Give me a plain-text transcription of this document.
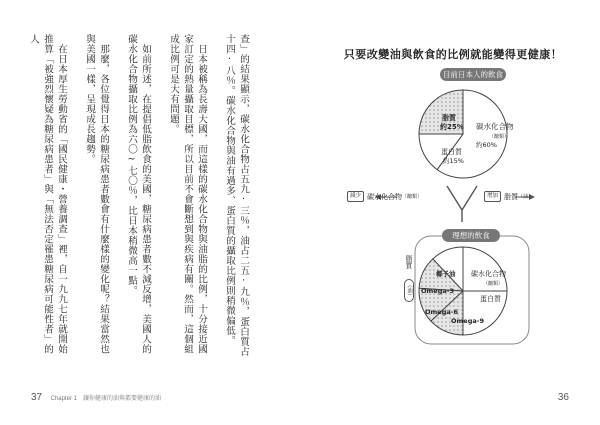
查」的結果顯示，碳水化合物占五九‧三％，油占二五‧九％，蛋白質占十四‧八％。碳水化合物與油有過多、蛋白質的攝取比例則稍微偏低。

日本被稱為長壽大國，而這樣的碳水化合物與油脂的比例，十分接近國家訂定的熱量攝取目標，所以目前不會斷想到與疾病有關。然而，這個組成比例可是大有問題。

如前所述，在提倡低脂飲食的美國，糖尿病患者數不減反增，美國人的碳水化合物攝取比例為六〇~七〇％，比日本稍微高一點。

那麼，各位覺得日本的糖尿病患者數會有什麼樣的變化呢？結果當然也與美國一樣，呈現成長趨勢。

在日本厚生勞動省的「國民健康・營養調查」裡，自一九九七年就開始推算「被強烈懷疑為糖尿病患者」與「無法否定罹患糖尿病可能性者」的人

37 Chapter 1　讓你健康的油與都要健康的油
只要改變油與飲食的比例就能變得更健康！
目前日本人的飲食
脂質
約25% 碳水化合物
（醣類）
約60%
蛋白質
約15%
椰子油 碳水化合物
（醣類）
蛋白質
Omega-3
Omega-6
Omega-9
減少 碳水化合物 （醣類）	增加 脂質 （油）
理想的飲食
脂質 （油）
36
